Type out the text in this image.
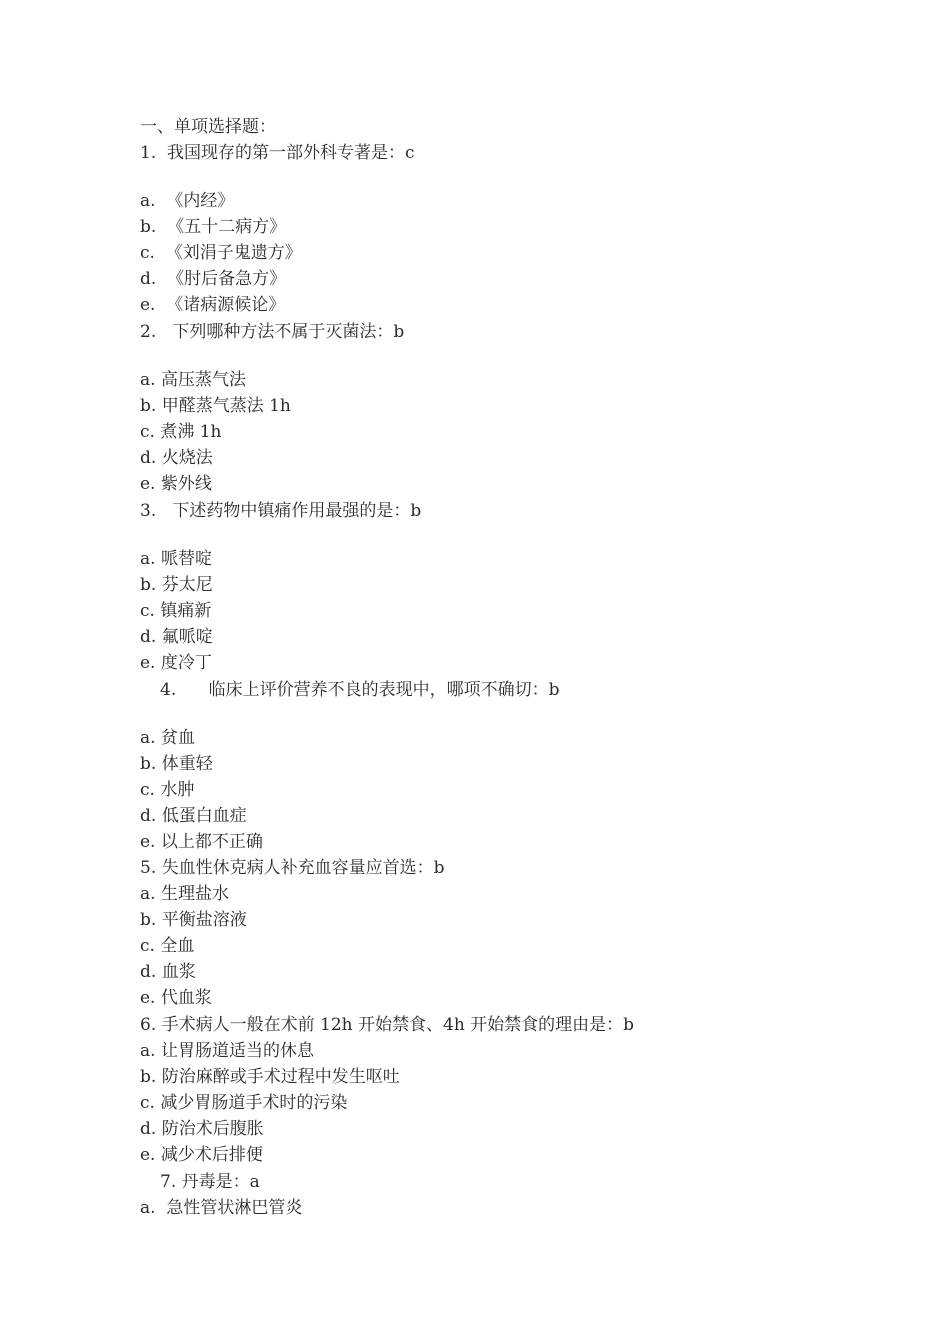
一、单项选择题：
1.  我国现存的第一部外科专著是：c
a.  《内经》
b.  《五十二病方》
c.  《刘涓子鬼遗方》
d.  《肘后备急方》
e.  《诸病源候论》
2.   下列哪种方法不属于灭菌法：b
a. 高压蒸气法
b. 甲醛蒸气蒸法 1h
c. 煮沸 1h
d. 火烧法
e. 紫外线
3.   下述药物中镇痛作用最强的是：b
a. 哌替啶
b. 芬太尼
c. 镇痛新
d. 氟哌啶
e. 度冷丁
4.      临床上评价营养不良的表现中，哪项不确切：b
a. 贫血
b. 体重轻
c. 水肿
d. 低蛋白血症
e. 以上都不正确
5. 失血性休克病人补充血容量应首选：b
a. 生理盐水
b. 平衡盐溶液
c. 全血
d. 血浆
e. 代血浆
6. 手术病人一般在术前 12h 开始禁食、4h 开始禁食的理由是：b
a. 让胃肠道适当的休息
b. 防治麻醉或手术过程中发生呕吐
c. 减少胃肠道手术时的污染
d. 防治术后腹胀
e. 减少术后排便
7. 丹毒是：a
a.  急性管状淋巴管炎
